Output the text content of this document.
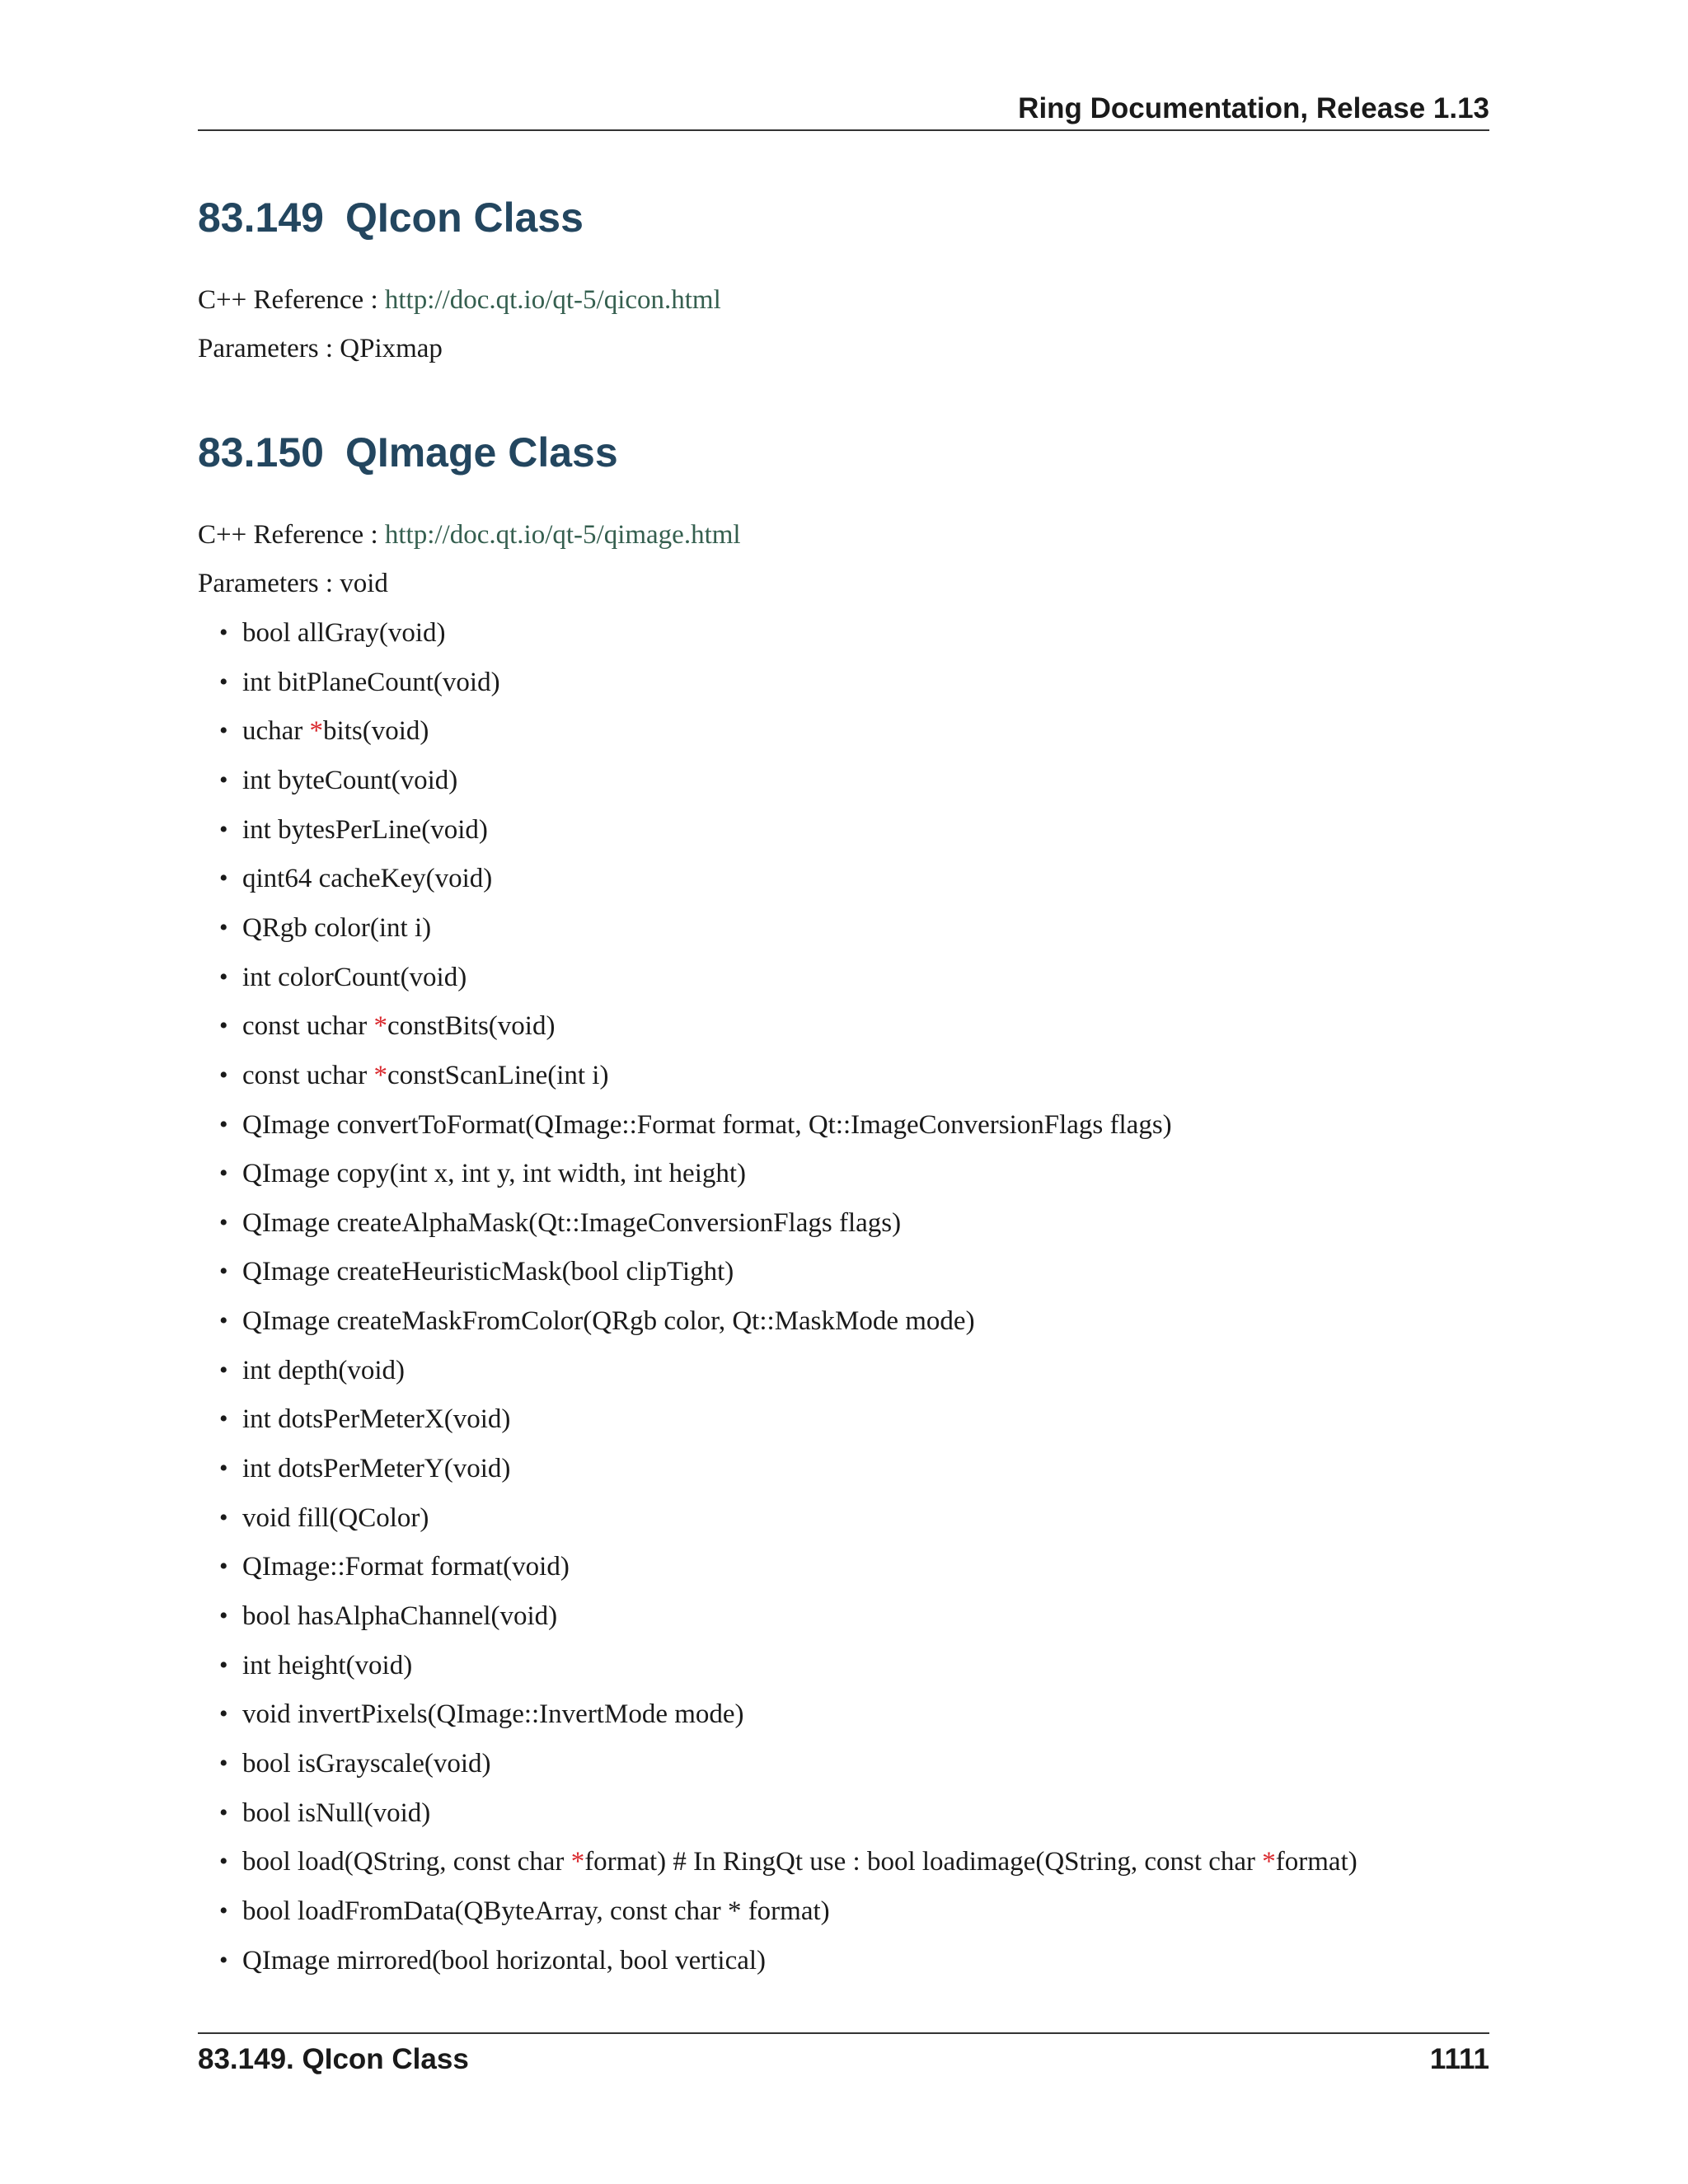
Ring Documentation, Release 1.13
83.149 QIcon Class
C++ Reference : http://doc.qt.io/qt-5/qicon.html
Parameters : QPixmap
83.150 QImage Class
C++ Reference : http://doc.qt.io/qt-5/qimage.html
Parameters : void
• bool allGray(void)
• int bitPlaneCount(void)
• uchar *bits(void)
• int byteCount(void)
• int bytesPerLine(void)
• qint64 cacheKey(void)
• QRgb color(int i)
• int colorCount(void)
• const uchar *constBits(void)
• const uchar *constScanLine(int i)
• QImage convertToFormat(QImage::Format format, Qt::ImageConversionFlags flags)
• QImage copy(int x, int y, int width, int height)
• QImage createAlphaMask(Qt::ImageConversionFlags flags)
• QImage createHeuristicMask(bool clipTight)
• QImage createMaskFromColor(QRgb color, Qt::MaskMode mode)
• int depth(void)
• int dotsPerMeterX(void)
• int dotsPerMeterY(void)
• void fill(QColor)
• QImage::Format format(void)
• bool hasAlphaChannel(void)
• int height(void)
• void invertPixels(QImage::InvertMode mode)
• bool isGrayscale(void)
• bool isNull(void)
• bool load(QString, const char *format) # In RingQt use : bool loadimage(QString, const char *format)
• bool loadFromData(QByteArray, const char * format)
• QImage mirrored(bool horizontal, bool vertical)
83.149. QIcon Class	1111
